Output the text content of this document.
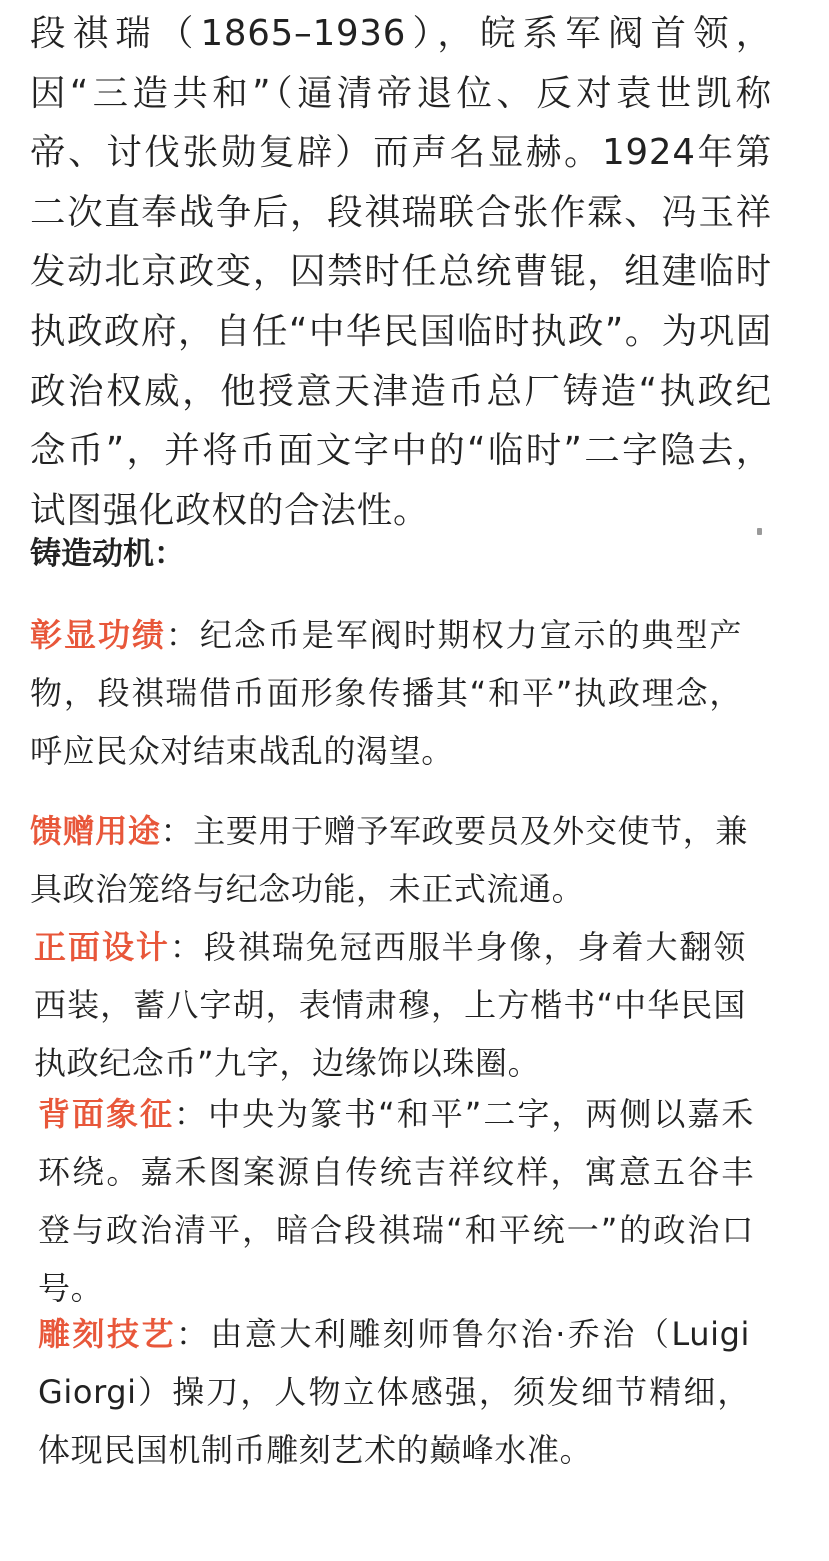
段祺瑞（1865–1936），皖系军阀首领，因“三造共和”（逼清帝退位、反对袁世凯称帝、讨伐张勋复辟）而声名显赫。1924年第二次直奉战争后，段祺瑞联合张作霖、冯玉祥发动北京政变，囚禁时任总统曹锟，组建临时执政政府，自任“中华民国临时执政”。为巩固政治权威，他授意天津造币总厂铸造“执政纪念币”，并将币面文字中的“临时”二字隐去，试图强化政权的合法性。

铸造动机：

彰显功绩：纪念币是军阀时期权力宣示的典型产物，段祺瑞借币面形象传播其“和平”执政理念，呼应民众对结束战乱的渴望。

馈赠用途：主要用于赠予军政要员及外交使节，兼具政治笼络与纪念功能，未正式流通。

正面设计：段祺瑞免冠西服半身像，身着大翻领西装，蓄八字胡，表情肃穆，上方楷书“中华民国执政纪念币”九字，边缘饰以珠圈。

背面象征：中央为篆书“和平”二字，两侧以嘉禾环绕。嘉禾图案源自传统吉祥纹样，寓意五谷丰登与政治清平，暗合段祺瑞“和平统一”的政治口号。

雕刻技艺：由意大利雕刻师鲁尔治·乔治（Luigi Giorgi）操刀，人物立体感强，须发细节精细，体现民国机制币雕刻艺术的巅峰水准。
